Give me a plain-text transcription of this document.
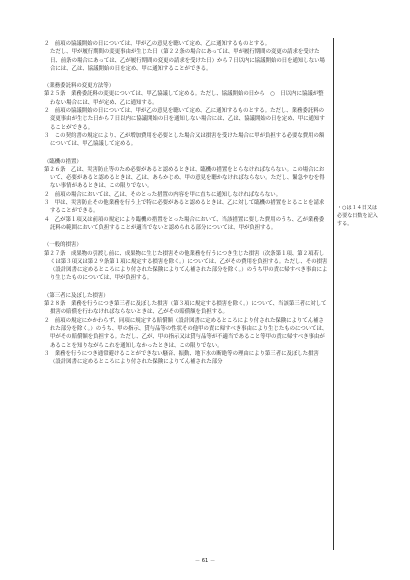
２　前項の協議開始の日については、甲が乙の意見を聴いて定め、乙に通知するものとする。

ただし、甲が履行期間の変更事由が生じた日（第２２条の場合にあっては、甲が履行期間の変更の請求を受けた日、前条の場合にあっては、乙が履行期間の変更の請求を受けた日）から７日以内に協議開始の日を通知しない場合には、乙は、協議開始の日を定め、甲に通知することができる。

（業務委託料の変更方法等）

第２５条　業務委託料の変更については、甲乙協議して定める。ただし、協議開始の日から　○　日以内に協議が整わない場合には、甲が定め、乙に通知する。

２　前項の協議開始の日については、甲が乙の意見を聴いて定め、乙に通知するものとする。ただし、業務委託料の変更事由が生じた日から７日以内に協議開始の日を通知しない場合には、乙は、協議開始の日を定め、甲に通知することができる。

３　この契約書の規定により、乙が増加費用を必要とした場合又は損害を受けた場合に甲が負担する必要な費用の額については、甲乙協議して定める。

（臨機の措置）

第２６条　乙は、災害防止等のため必要があると認めるときは、臨機の措置をとらなければならない。この場合において、必要があると認めるときは、乙は、あらかじめ、甲の意見を聴かなければならない。ただし、緊急やむを得ない事情があるときは、この限りでない。

２　前項の場合においては、乙は、そのとった措置の内容を甲に直ちに通知しなければならない。

３　甲は、災害防止その他業務を行う上で特に必要があると認めるときは、乙に対して臨機の措置をとることを請求することができる。

４　乙が第１項又は前項の規定により臨機の措置をとった場合において、当該措置に要した費用のうち、乙が業務委託料の範囲において負担することが適当でないと認められる部分については、甲が負担する。

（一般的損害）

第２７条　成果物の引渡し前に、成果物に生じた損害その他業務を行うにつき生じた損害（次条第１項、第２項若しくは第３項又は第２９条第１項に規定する損害を除く。）については、乙がその費用を負担する。ただし、その損害（設計図書に定めるところにより付された保険によりてん補された部分を除く。）のうち甲の責に帰すべき事由により生じたものについては、甲が負担する。

（第三者に及ぼした損害）

第２８条　業務を行うにつき第三者に及ぼした損害（第３項に規定する損害を除く。）について、当該第三者に対して損害の賠償を行わなければならないときは、乙がその賠償額を負担する。

２　前項の規定にかかわらず、同項に規定する賠償額（設計図書に定めるところにより付された保険によりてん補された部分を除く。）のうち、甲の指示、貸与品等の性状その他甲の責に帰すべき事由により生じたものについては、甲がその賠償額を負担する。ただし、乙が、甲の指示又は貸与品等が不適当であること等甲の責に帰すべき事由があることを知りながらこれを通知しなかったときは、この限りでない。

３　業務を行うにつき通常避けることができない騒音、振動、地下水の断絶等の理由により第三者に及ぼした損害（設計図書に定めるところにより付された保険によりてん補された部分

・○は１４日又は必要な日数を記入する。
－ 61 －
